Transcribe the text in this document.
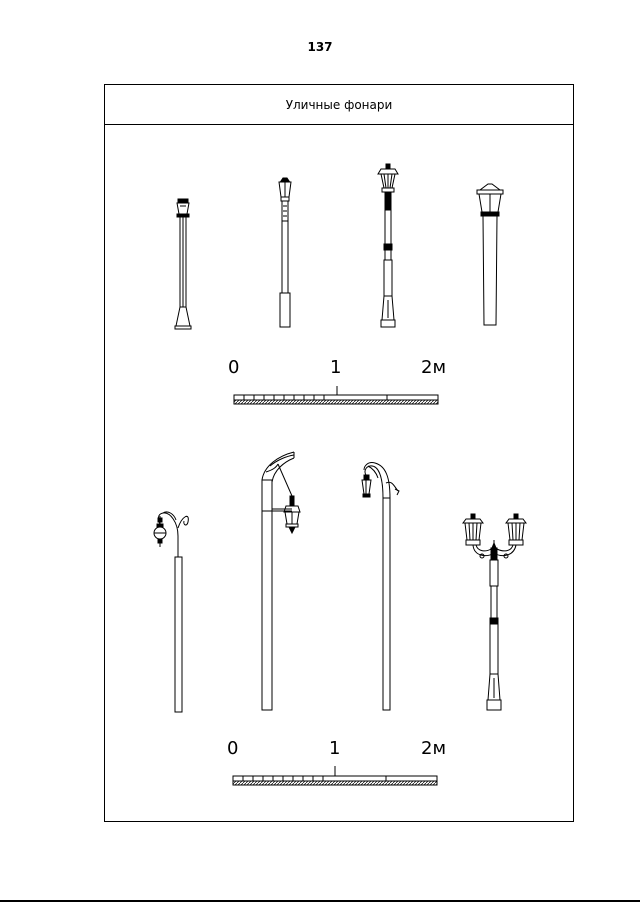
137
Уличные фонари
0	1	2м
0	1	2м
